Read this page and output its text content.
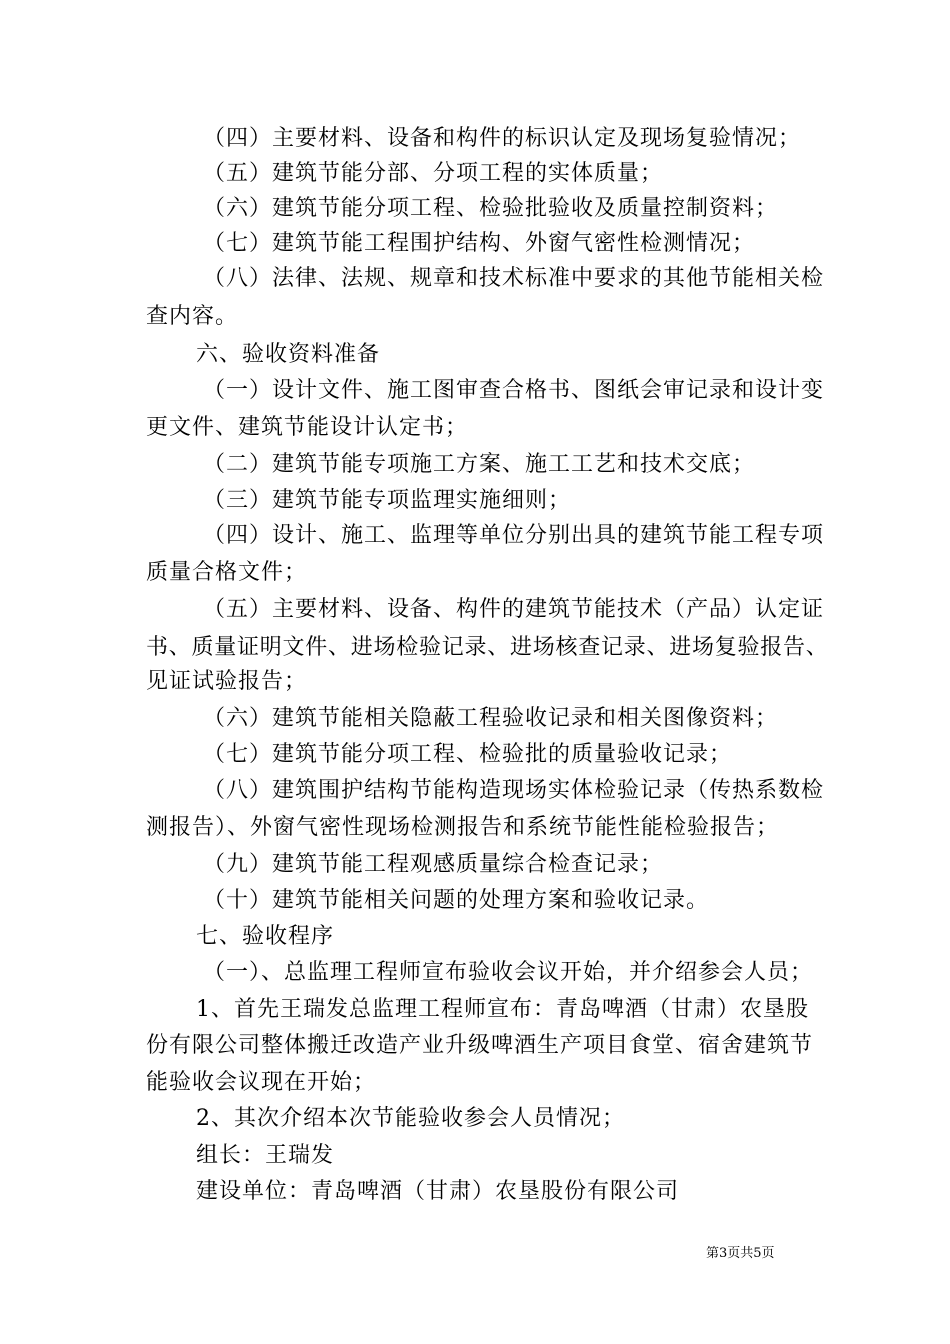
（四）主要材料、设备和构件的标识认定及现场复验情况；
（五）建筑节能分部、分项工程的实体质量；
（六）建筑节能分项工程、检验批验收及质量控制资料；
（七）建筑节能工程围护结构、外窗气密性检测情况；
（八）法律、法规、规章和技术标准中要求的其他节能相关检
查内容。
六、验收资料准备
（一）设计文件、施工图审查合格书、图纸会审记录和设计变
更文件、建筑节能设计认定书；
（二）建筑节能专项施工方案、施工工艺和技术交底；
（三）建筑节能专项监理实施细则；
（四）设计、施工、监理等单位分别出具的建筑节能工程专项
质量合格文件；
（五）主要材料、设备、构件的建筑节能技术（产品）认定证
书、质量证明文件、进场检验记录、进场核查记录、进场复验报告、
见证试验报告；
（六）建筑节能相关隐蔽工程验收记录和相关图像资料；
（七）建筑节能分项工程、检验批的质量验收记录；
（八）建筑围护结构节能构造现场实体检验记录（传热系数检
测报告）、外窗气密性现场检测报告和系统节能性能检验报告；
（九）建筑节能工程观感质量综合检查记录；
（十）建筑节能相关问题的处理方案和验收记录。
七、验收程序
（一）、总监理工程师宣布验收会议开始，并介绍参会人员；
1、首先王瑞发总监理工程师宣布：青岛啤酒（甘肃）农垦股
份有限公司整体搬迁改造产业升级啤酒生产项目食堂、宿舍建筑节
能验收会议现在开始；
2、其次介绍本次节能验收参会人员情况；
组长：王瑞发
建设单位：青岛啤酒（甘肃）农垦股份有限公司
第3页共5页
